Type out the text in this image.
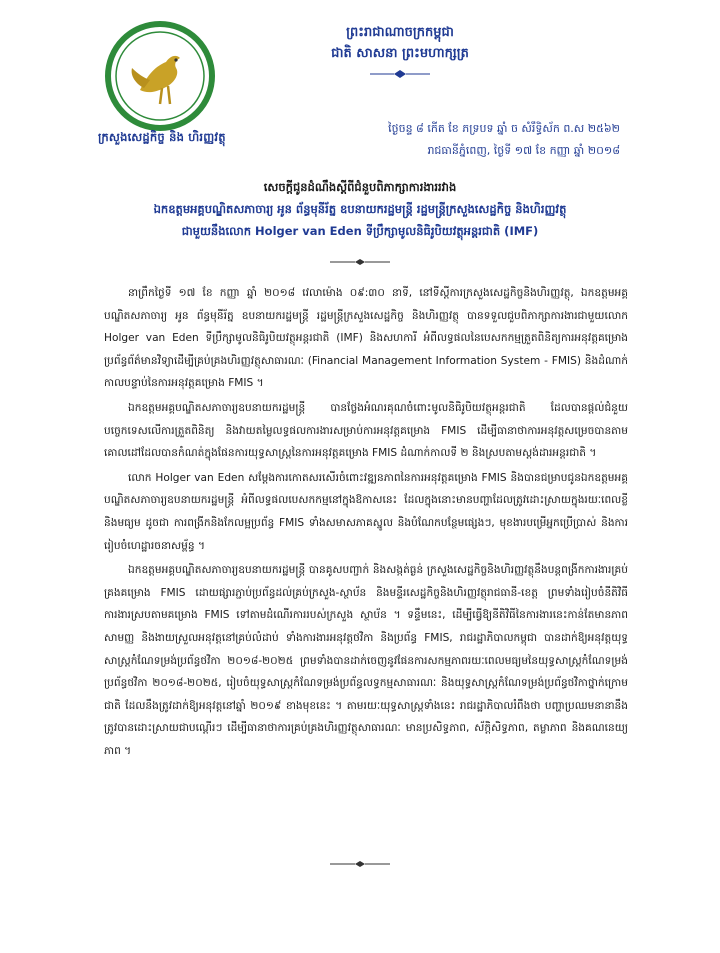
ក្រសួងសេដ្ឋកិច្ច និង ហិរញ្ញវត្ថុ
ព្រះរាជាណាចក្រកម្ពុជា
ជាតិ សាសនា ព្រះមហាក្សត្រ
ថ្ងៃចន្ទ ៨ កើត ខែ ភទ្របទ ឆ្នាំ ច សំរឹទ្ធិស័ក ព.ស ២៥៦២
រាជធានីភ្នំពេញ, ថ្ងៃទី ១៧ ខែ កញ្ញា ឆ្នាំ ២០១៨
សេចក្តីជូនដំណឹងស្តីពីជំនួបពិភាក្សាការងាររវាង
ឯកឧត្តមអគ្គបណ្ឌិតសភាចារ្យ អូន ព័ន្ធមុនីរ័ត្ន ឧបនាយករដ្ឋមន្ត្រី រដ្ឋមន្ត្រីក្រសួងសេដ្ឋកិច្ច និងហិរញ្ញវត្ថុ
ជាមួយនឹងលោក Holger van Eden ទីប្រឹក្សាមូលនិធិរូបិយវត្ថុអន្តរជាតិ (IMF)

នាព្រឹកថ្ងៃទី ១៧ ខែ កញ្ញា ឆ្នាំ ២០១៨ វេលាម៉ោង ០៩:៣០ នាទី, នៅទីស្តីការក្រសួងសេដ្ឋកិច្ចនិងហិរញ្ញវត្ថុ, ឯកឧត្តមអគ្គបណ្ឌិតសភាចារ្យ អូន ព័ន្ធមុនីរ័ត្ន ឧបនាយករដ្ឋមន្ត្រី រដ្ឋមន្ត្រីក្រសួងសេដ្ឋកិច្ច និងហិរញ្ញវត្ថុ បានទទួលជួបពិភាក្សាការងារជាមួយលោក Holger van Eden ទីប្រឹក្សាមូលនិធិរូបិយវត្ថុអន្តរជាតិ (IMF) និងសហការី អំពីលទ្ធផលនៃបេសកកម្មត្រួតពិនិត្យការអនុវត្តគម្រោងប្រព័ន្ធព័ត៌មានវិទ្យាដើម្បីគ្រប់គ្រងហិរញ្ញវត្ថុសាធារណៈ (Financial Management Information System - FMIS) និងដំណាក់កាលបន្ទាប់នៃការអនុវត្តគម្រោង FMIS ។

ឯកឧត្តមអគ្គបណ្ឌិតសភាចារ្យឧបនាយករដ្ឋមន្ត្រី បានថ្លែងអំណរគុណចំពោះមូលនិធិរូបិយវត្ថុអន្តរជាតិ ដែលបានផ្តល់ជំនួយបច្ចេកទេសលើការត្រួតពិនិត្យ និងវាយតម្លៃលទ្ធផលការងារសម្រាប់ការអនុវត្តគម្រោង FMIS ដើម្បីធានាថាការអនុវត្តសម្រេចបានតាមគោលដៅដែលបានកំណត់ក្នុងផែនការយុទ្ធសាស្ត្រនៃការអនុវត្តគម្រោង FMIS ដំណាក់កាលទី ២ និងស្របតាមស្តង់ដារអន្តរជាតិ ។

លោក Holger van Eden សម្តែងការកោតសរសើរចំពោះវឌ្ឍនភាពនៃការអនុវត្តគម្រោង FMIS និងបានជម្រាបជូនឯកឧត្តមអគ្គបណ្ឌិតសភាចារ្យឧបនាយករដ្ឋមន្ត្រី អំពីលទ្ធផលបេសកកម្មនៅក្នុងឱកាសនេះ ដែលក្នុងនោះមានបញ្ហាដែលត្រូវដោះស្រាយក្នុងរយៈពេលខ្លី និងមធ្យម ដូចជា ការពង្រីកនិងកែលម្អប្រព័ន្ធ FMIS ទាំងសមាសភាគស្នូល និងបំណែកបន្ថែមផ្សេងៗ, មុខងារបម្រើអ្នកប្រើប្រាស់ និងការរៀបចំហេដ្ឋារចនាសម្ព័ន្ធ ។

ឯកឧត្តមអគ្គបណ្ឌិតសភាចារ្យឧបនាយករដ្ឋមន្ត្រី បានគូសបញ្ជាក់ និងសង្កត់ធ្ងន់ ក្រសួងសេដ្ឋកិច្ចនិងហិរញ្ញវត្ថុនឹងបន្តពង្រីកការងារគ្រប់គ្រងគម្រោង FMIS ដោយផ្សារភ្ជាប់ប្រព័ន្ធដល់គ្រប់ក្រសួង-ស្ថាប័ន និងមន្ទីរសេដ្ឋកិច្ចនិងហិរញ្ញវត្ថុរាជធានី-ខេត្ត ព្រមទាំងរៀបចំនីតិវិធីការងារស្របតាមគម្រោង FMIS ទៅតាមដំណើរការរបស់ក្រសួង ស្ថាប័ន ។ ទន្ទឹមនេះ, ដើម្បីធ្វើឱ្យនីតិវិធីនៃការងារនេះកាន់តែមានភាពសាមញ្ញ និងងាយស្រួលអនុវត្តនៅគ្រប់លំដាប់ ទាំងការងារអនុវត្តថវិកា និងប្រព័ន្ធ FMIS, រាជរដ្ឋាភិបាលកម្ពុជា បានដាក់ឱ្យអនុវត្តយុទ្ធសាស្ត្រកំណែទម្រង់ប្រព័ន្ធថវិកា ២០១៨-២០២៥ ព្រមទាំងបានដាក់ចេញនូវផែនការសកម្មភាពរយៈពេលមធ្យមនៃយុទ្ធសាស្ត្រកំណែទម្រង់ប្រព័ន្ធថវិកា ២០១៨-២០២៥, រៀបចំយុទ្ធសាស្ត្រកំណែទម្រង់ប្រព័ន្ធលទ្ធកម្មសាធារណៈ និងយុទ្ធសាស្ត្រកំណែទម្រង់ប្រព័ន្ធថវិកាថ្នាក់ក្រោមជាតិ ដែលនឹងត្រូវដាក់ឱ្យអនុវត្តនៅឆ្នាំ ២០១៩ ខាងមុខនេះ ។ តាមរយៈយុទ្ធសាស្ត្រទាំងនេះ រាជរដ្ឋាភិបាលរំពឹងថា បញ្ហាប្រឈមនានានឹងត្រូវបានដោះស្រាយជាបណ្តើរៗ ដើម្បីធានាថាការគ្រប់គ្រងហិរញ្ញវត្ថុសាធារណៈ មានប្រសិទ្ធភាព, ស័ក្តិសិទ្ធភាព, តម្លាភាព និងគណនេយ្យភាព ។
